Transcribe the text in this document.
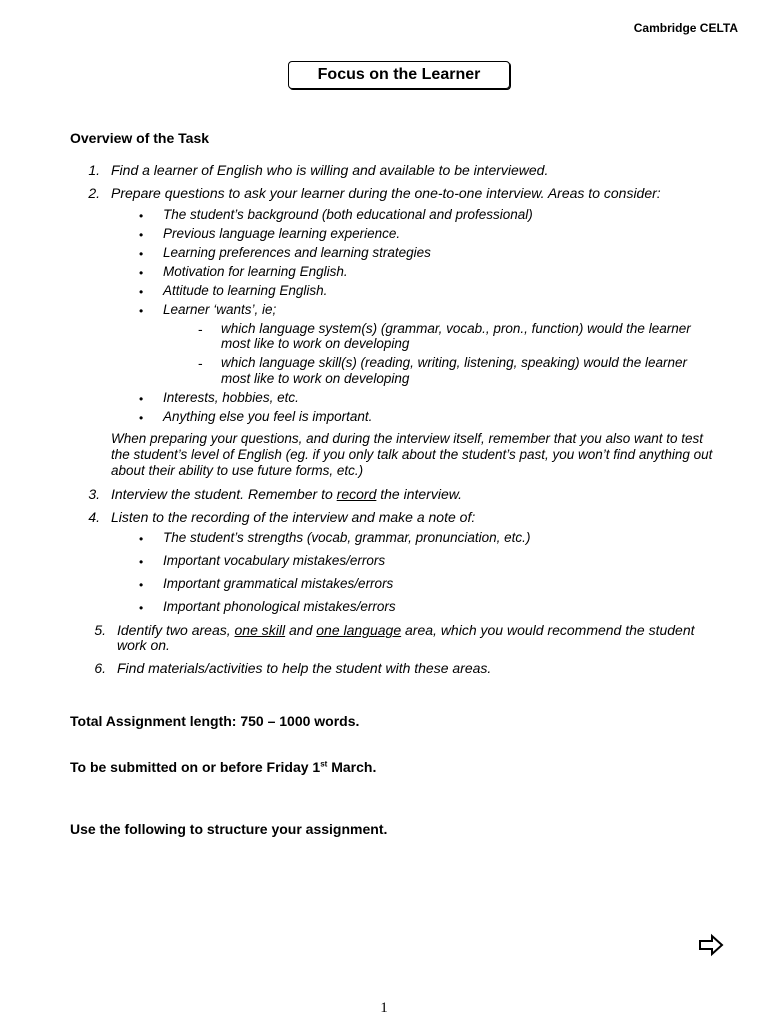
Cambridge CELTA
Focus on the Learner
Overview of the Task
1. Find a learner of English who is willing and available to be interviewed.
2. Prepare questions to ask your learner during the one-to-one interview. Areas to consider:
• The student’s background (both educational and professional)
• Previous language learning experience.
• Learning preferences and learning strategies
• Motivation for learning English.
• Attitude to learning English.
• Learner ‘wants’, ie;
- which language system(s) (grammar, vocab., pron., function) would the learner
most like to work on developing
- which language skill(s) (reading, writing, listening, speaking) would the learner
most like to work on developing
• Interests, hobbies, etc.
• Anything else you feel is important.
When preparing your questions, and during the interview itself, remember that you also want to test the student’s level of English (eg. if you only talk about the student’s past, you won’t find anything out about their ability to use future forms, etc.)
3. Interview the student. Remember to record the interview.
4. Listen to the recording of the interview and make a note of:
• The student’s strengths (vocab, grammar, pronunciation, etc.)
• Important vocabulary mistakes/errors
• Important grammatical mistakes/errors
• Important phonological mistakes/errors
5. Identify two areas, one skill and one language area, which you would recommend the student
work on.
6. Find materials/activities to help the student with these areas.
Total Assignment length: 750 – 1000 words.
To be submitted on or before Friday 1st March.
Use the following to structure your assignment.
1
